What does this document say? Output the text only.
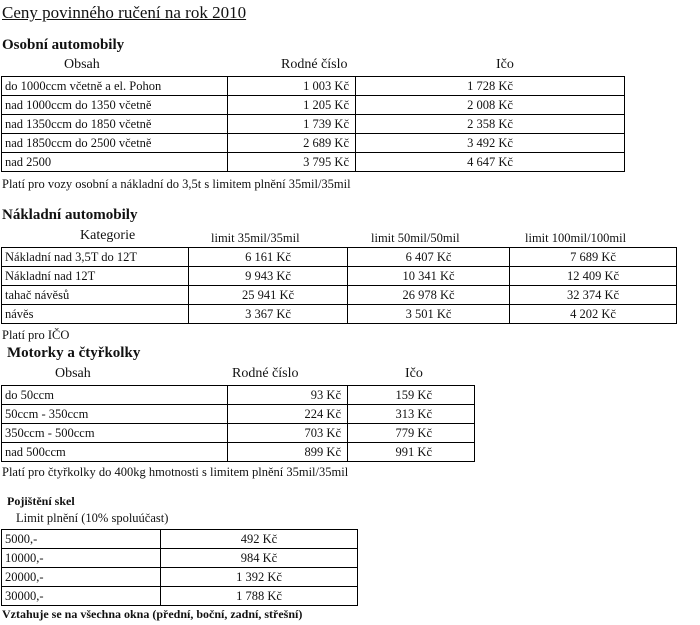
Ceny povinného ručení na rok 2010
Osobní automobily
Obsah	Rodné číslo	Ičo
do 1000ccm včetně a el. Pohon	1 003 Kč	1 728 Kč
nad 1000ccm do 1350 včetně	1 205 Kč	2 008 Kč
nad 1350ccm do 1850 včetně	1 739 Kč	2 358 Kč
nad 1850ccm do 2500 včetně	2 689 Kč	3 492 Kč
nad 2500	3 795 Kč	4 647 Kč
Platí pro vozy osobní a nákladní do 3,5t s limitem plnění 35mil/35mil
Nákladní automobily
Kategorie	limit 35mil/35mil	limit 50mil/50mil	limit 100mil/100mil
Nákladní nad 3,5T do 12T	6 161 Kč	6 407 Kč	7 689 Kč
Nákladní nad 12T	9 943 Kč	10 341 Kč	12 409 Kč
tahač návěsů	25 941 Kč	26 978 Kč	32 374 Kč
návěs	3 367 Kč	3 501 Kč	4 202 Kč
Platí pro IČO
Motorky a čtyřkolky
Obsah	Rodné číslo	Ičo
do 50ccm	93 Kč	159 Kč
50ccm - 350ccm	224 Kč	313 Kč
350ccm - 500ccm	703 Kč	779 Kč
nad 500ccm	899 Kč	991 Kč
Platí pro čtyřkolky do 400kg hmotnosti s limitem plnění 35mil/35mil
Pojištění skel
Limit plnění (10% spoluúčast)
5000,-	492 Kč
10000,-	984 Kč
20000,-	1 392 Kč
30000,-	1 788 Kč
Vztahuje se na všechna okna (přední, boční, zadní, střešní)
